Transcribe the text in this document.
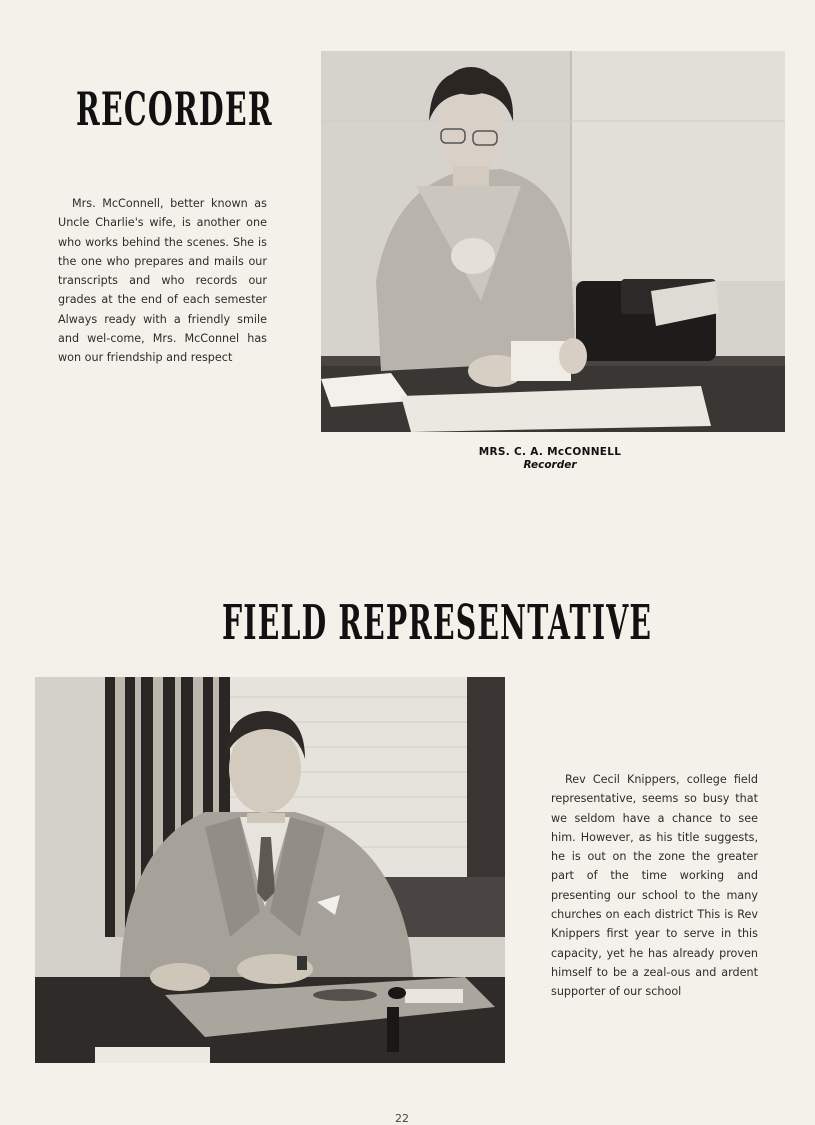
RECORDER

Mrs. McConnell, better known as Uncle Charlie's wife, is another one who works behind the scenes. She is the one who prepares and mails our transcripts and who records our grades at the end of each semester Always ready with a friendly smile and wel-come, Mrs. McConnel has won our friendship and respect

MRS. C. A. McCONNELL
Recorder
FIELD REPRESENTATIVE

Rev Cecil Knippers, college field representative, seems so busy that we seldom have a chance to see him. However, as his title suggests, he is out on the zone the greater part of the time working and presenting our school to the many churches on each district This is Rev Knippers first year to serve in this capacity, yet he has already proven himself to be a zeal-ous and ardent supporter of our school

22
